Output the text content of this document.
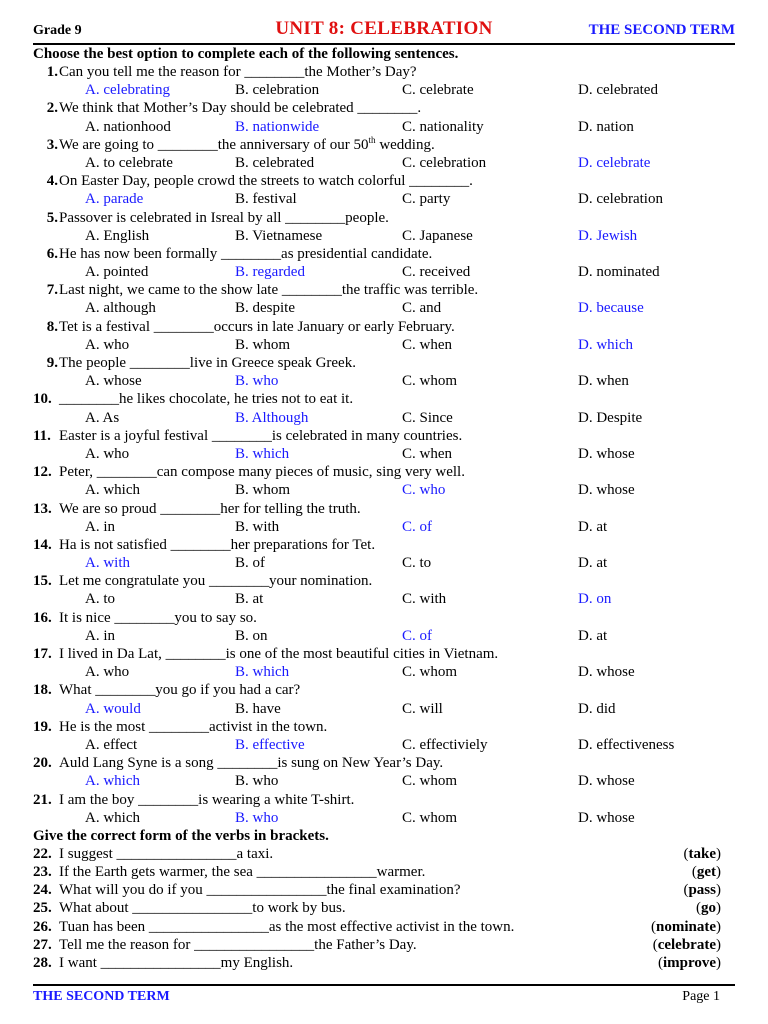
Grade 9	UNIT 8: CELEBRATION	THE SECOND TERM
Choose the best option to complete each of the following sentences.
1.Can you tell me the reason for ________the Mother’s Day?
A. celebrating	B. celebration	C. celebrate	D. celebrated
2.We think that Mother’s Day should be celebrated ________.
A. nationhood	B. nationwide	C. nationality	D. nation
3.We are going to ________the anniversary of our 50th wedding.
A. to celebrate	B. celebrated	C. celebration	D. celebrate
4.On Easter Day, people crowd the streets to watch colorful ________.
A. parade	B. festival	C. party	D. celebration
5.Passover is celebrated in Isreal by all ________people.
A. English	B. Vietnamese	C. Japanese	D. Jewish
6.He has now been formally ________as presidential candidate.
A. pointed	B. regarded	C. received	D. nominated
7.Last night, we came to the show late ________the traffic was terrible.
A. although	B. despite	C. and	D. because
8.Tet is a festival ________occurs in late January or early February.
A. who	B. whom	C. when	D. which
9.The people ________live in Greece speak Greek.
A. whose	B. who	C. whom	D. when
10. ________he likes chocolate, he tries not to eat it.
A. As	B. Although	C. Since	D. Despite
11. Easter is a joyful festival ________is celebrated in many countries.
A. who	B. which	C. when	D. whose
12. Peter, ________can compose many pieces of music, sing very well.
A. which	B. whom	C. who	D. whose
13. We are so proud ________her for telling the truth.
A. in	B. with	C. of	D. at
14. Ha is not satisfied ________her preparations for Tet.
A. with	B. of	C. to	D. at
15. Let me congratulate you ________your nomination.
A. to	B. at	C. with	D. on
16. It is nice ________you to say so.
A. in	B. on	C. of	D. at
17. I lived in Da Lat, ________is one of the most beautiful cities in Vietnam.
A. who	B. which	C. whom	D. whose
18. What ________you go if you had a car?
A. would	B. have	C. will	D. did
19. He is the most ________activist in the town.
A. effect	B. effective	C. effectiviely	D. effectiveness
20. Auld Lang Syne is a song ________is sung on New Year’s Day.
A. which	B. who	C. whom	D. whose
21. I am the boy ________is wearing a white T-shirt.
A. which	B. who	C. whom	D. whose
Give the correct form of the verbs in brackets.
22. I suggest ________________a taxi.	(take)
23. If the Earth gets warmer, the sea ________________warmer.	(get)
24. What will you do if you ________________the final examination?	(pass)
25. What about ________________to work by bus.	(go)
26. Tuan has been ________________as the most effective activist in the town.	(nominate)
27. Tell me the reason for ________________the Father’s Day.	(celebrate)
28. I want ________________my English.	(improve)
THE SECOND TERM	Page 1
